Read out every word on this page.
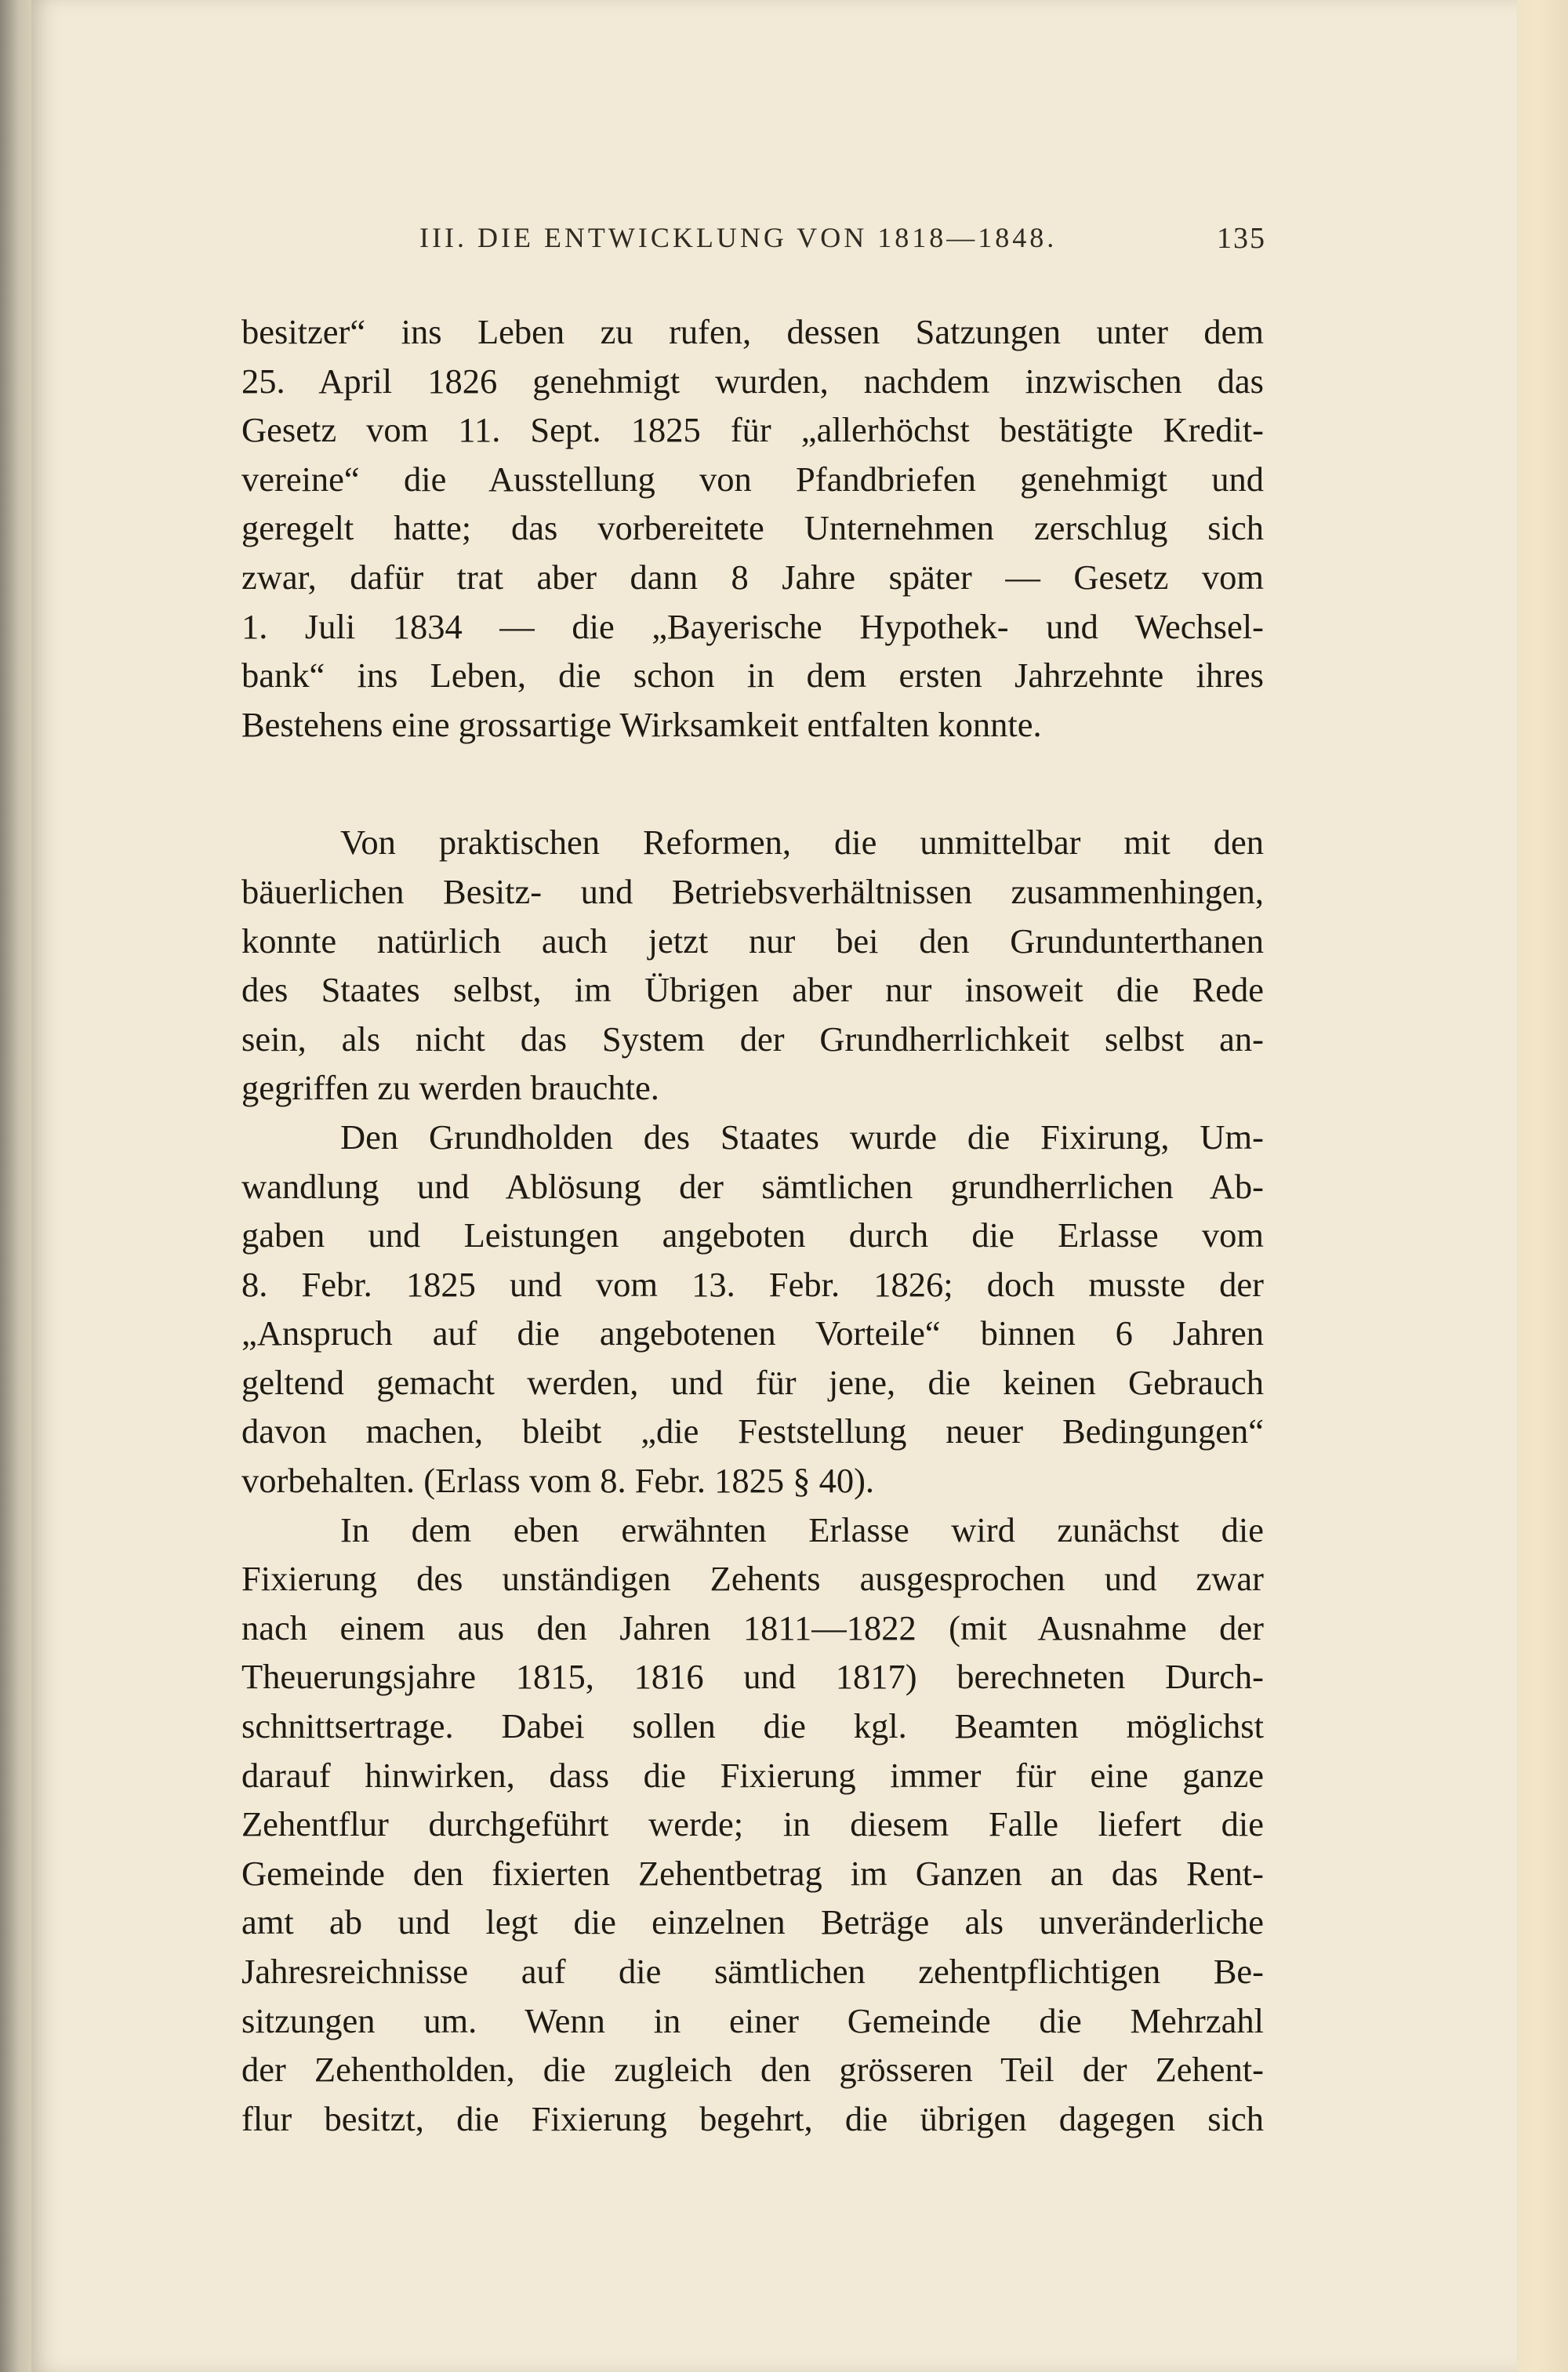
III. DIE ENTWICKLUNG VON 1818—1848.	135
besitzer“ ins Leben zu rufen, dessen Satzungen unter dem
25. April 1826 genehmigt wurden, nachdem inzwischen das
Gesetz vom 11. Sept. 1825 für „allerhöchst bestätigte Kredit-
vereine“ die Ausstellung von Pfandbriefen genehmigt und
geregelt hatte; das vorbereitete Unternehmen zerschlug sich
zwar, dafür trat aber dann 8 Jahre später — Gesetz vom
1. Juli 1834 — die „Bayerische Hypothek- und Wechsel-
bank“ ins Leben, die schon in dem ersten Jahrzehnte ihres
Bestehens eine grossartige Wirksamkeit entfalten konnte.
Von praktischen Reformen, die unmittelbar mit den
bäuerlichen Besitz- und Betriebsverhältnissen zusammenhingen,
konnte natürlich auch jetzt nur bei den Grundunterthanen
des Staates selbst, im Übrigen aber nur insoweit die Rede
sein, als nicht das System der Grundherrlichkeit selbst an-
gegriffen zu werden brauchte.
Den Grundholden des Staates wurde die Fixirung, Um-
wandlung und Ablösung der sämtlichen grundherrlichen Ab-
gaben und Leistungen angeboten durch die Erlasse vom
8. Febr. 1825 und vom 13. Febr. 1826; doch musste der
„Anspruch auf die angebotenen Vorteile“ binnen 6 Jahren
geltend gemacht werden, und für jene, die keinen Gebrauch
davon machen, bleibt „die Feststellung neuer Bedingungen“
vorbehalten. (Erlass vom 8. Febr. 1825 § 40).
In dem eben erwähnten Erlasse wird zunächst die
Fixierung des unständigen Zehents ausgesprochen und zwar
nach einem aus den Jahren 1811—1822 (mit Ausnahme der
Theuerungsjahre 1815, 1816 und 1817) berechneten Durch-
schnittsertrage. Dabei sollen die kgl. Beamten möglichst
darauf hinwirken, dass die Fixierung immer für eine ganze
Zehentflur durchgeführt werde; in diesem Falle liefert die
Gemeinde den fixierten Zehentbetrag im Ganzen an das Rent-
amt ab und legt die einzelnen Beträge als unveränderliche
Jahresreichnisse auf die sämtlichen zehentpflichtigen Be-
sitzungen um. Wenn in einer Gemeinde die Mehrzahl
der Zehentholden, die zugleich den grösseren Teil der Zehent-
flur besitzt, die Fixierung begehrt, die übrigen dagegen sich
